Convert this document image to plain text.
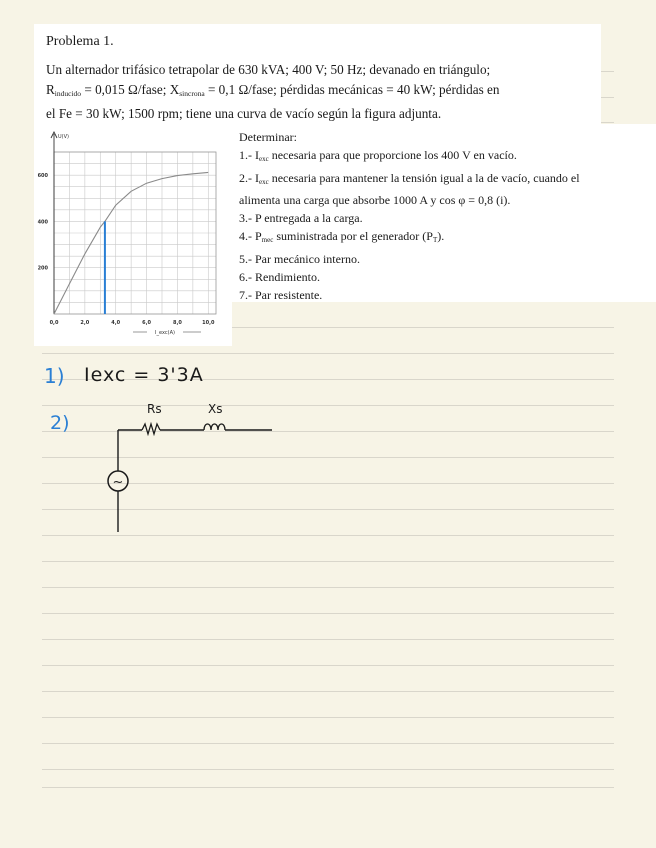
Problema 1.
Un alternador trifásico tetrapolar de 630 kVA; 400 V; 50 Hz; devanado en triángulo;
$R_{inducido} = 0,015$ Ω/fase; $X_{sincrona} = 0,1$ Ω/fase; pérdidas mecánicas = 40 kW; pérdidas en
el Fe = 30 kW; 1500 rpm; tiene una curva de vacío según la figura adjunta.
0,0	2,0	4,0	6,0	8,0	10,0
200
400
600
I_exc(A)
U(V)	Determinar:
1.- $I_{exc}$ necesaria para que proporcione los 400 V en vacío.
2.- $I_{exc}$ necesaria para mantener la tensión igual a la de vacío, cuando el
alimenta una carga que absorbe 1000 A y cos φ = 0,8 (i).
3.- P entregada a la carga.
4.- $P_{mec}$ suministrada por el generador $(P_T)$.
5.- Par mecánico interno.
6.- Rendimiento.
7.- Par resistente.
1) Iexc = 3'3A
2)
Rs	Xs
~
